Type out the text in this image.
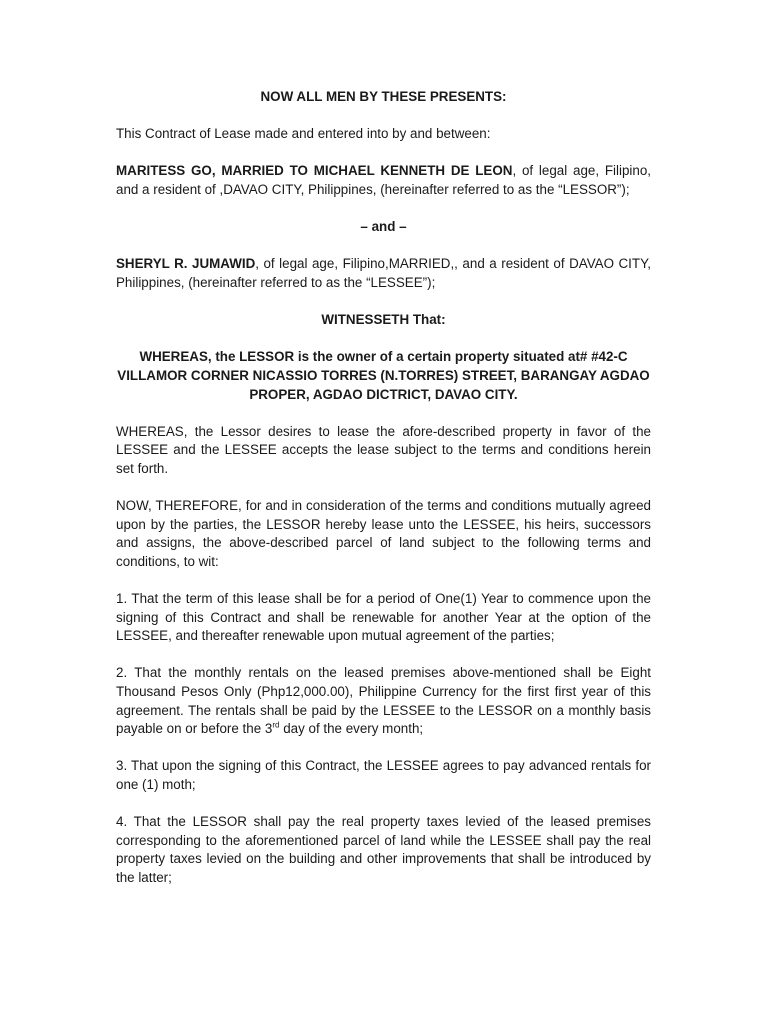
NOW ALL MEN BY THESE PRESENTS:

This Contract of Lease made and entered into by and between:

MARITESS GO, MARRIED TO MICHAEL KENNETH DE LEON, of legal age, Filipino, and a resident of ,DAVAO CITY, Philippines, (hereinafter referred to as the “LESSOR”);

– and –

SHERYL R. JUMAWID, of legal age, Filipino,MARRIED,, and a resident of DAVAO CITY, Philippines, (hereinafter referred to as the “LESSEE”);

WITNESSETH That:

WHEREAS, the LESSOR is the owner of a certain property situated at# #42-C VILLAMOR CORNER NICASSIO TORRES (N.TORRES) STREET, BARANGAY AGDAO PROPER, AGDAO DICTRICT, DAVAO CITY.

WHEREAS, the Lessor desires to lease the afore-described property in favor of the LESSEE and the LESSEE accepts the lease subject to the terms and conditions herein set forth.

NOW, THEREFORE, for and in consideration of the terms and conditions mutually agreed upon by the parties, the LESSOR hereby lease unto the LESSEE, his heirs, successors and assigns, the above-described parcel of land subject to the following terms and conditions, to wit:

1. That the term of this lease shall be for a period of One(1) Year to commence upon the signing of this Contract and shall be renewable for another Year at the option of the LESSEE, and thereafter renewable upon mutual agreement of the parties;

2. That the monthly rentals on the leased premises above-mentioned shall be Eight Thousand Pesos Only (Php12,000.00), Philippine Currency for the first first year of this agreement. The rentals shall be paid by the LESSEE to the LESSOR on a monthly basis payable on or before the 3rd day of the every month;

3. That upon the signing of this Contract, the LESSEE agrees to pay advanced rentals for one (1) moth;

4. That the LESSOR shall pay the real property taxes levied of the leased premises corresponding to the aforementioned parcel of land while the LESSEE shall pay the real property taxes levied on the building and other improvements that shall be introduced by the latter;
